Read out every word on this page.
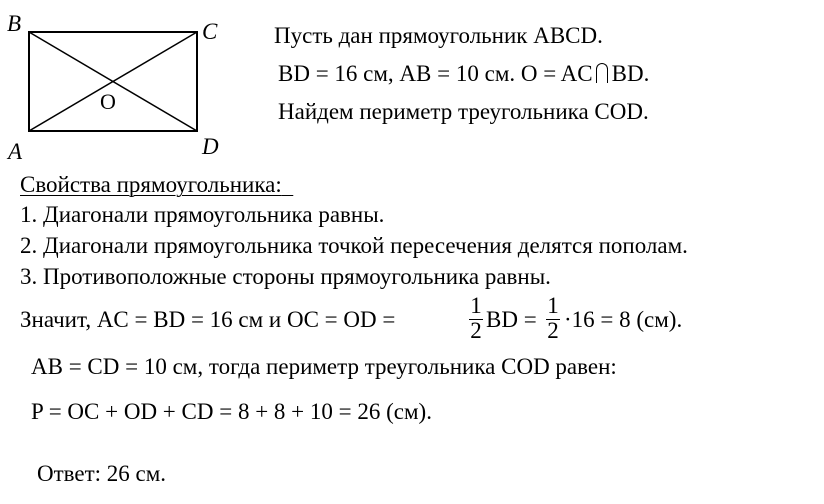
B	C
A	D
O
Пусть дан прямоугольник ABCD.
BD = 16 см, AB = 10 см. O = AC BD.
Найдем периметр треугольника COD.
Свойства прямоугольника:
1. Диагонали прямоугольника равны.
2. Диагонали прямоугольника точкой пересечения делятся пополам.
3. Противоположные стороны прямоугольника равны.
Значит, AC = BD = 16 см и OC = OD =
1
2 BD =
1
2 ·16 = 8 (см).
AB = CD = 10 см, тогда периметр треугольника COD равен:
P = OC + OD + CD = 8 + 8 + 10 = 26 (см).
Ответ: 26 см.
